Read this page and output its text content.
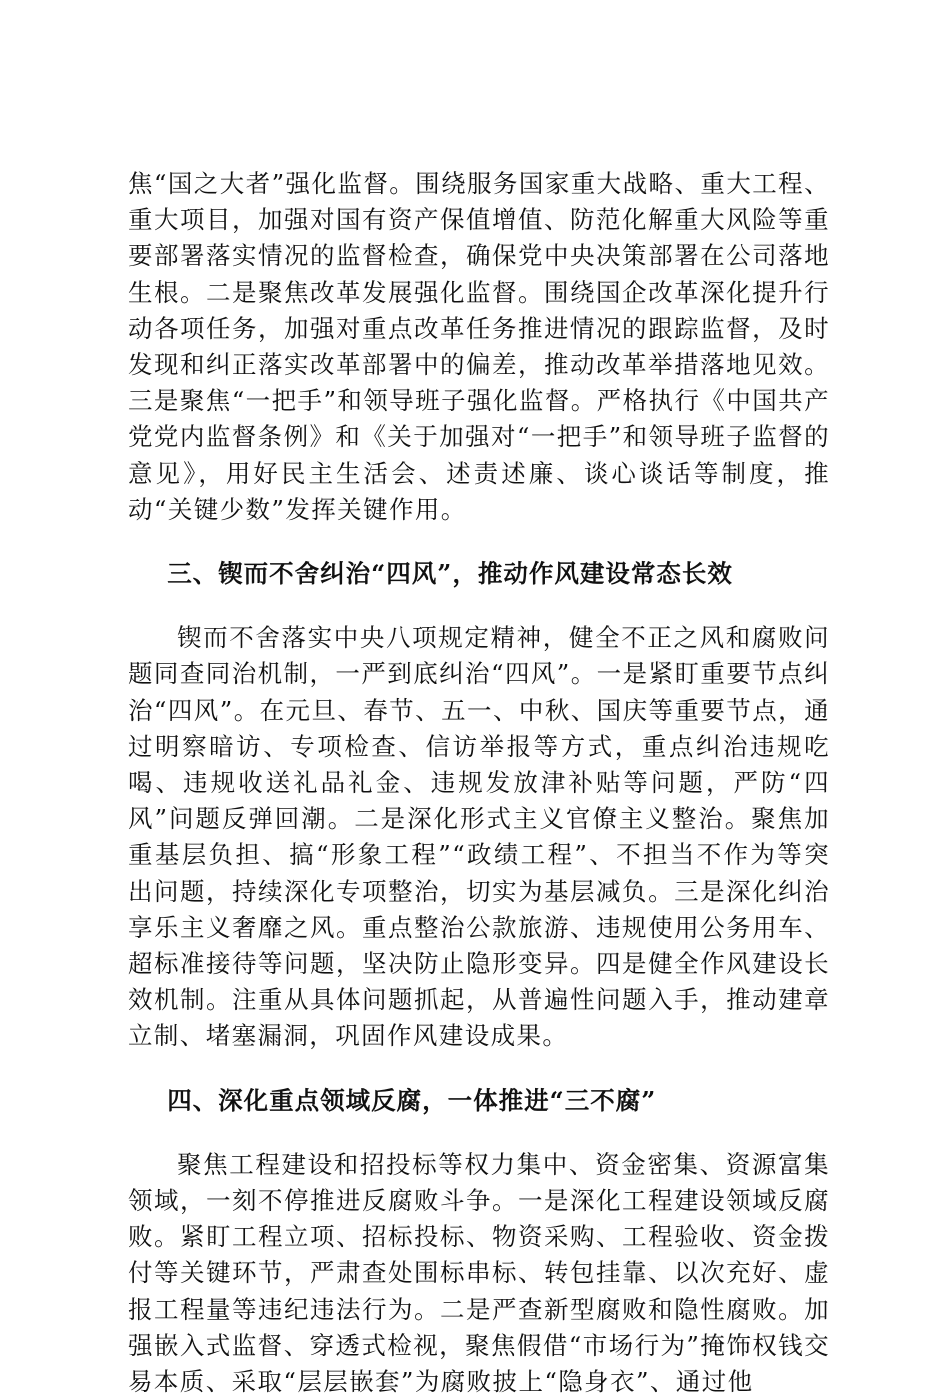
焦“国之大者”强化监督。围绕服务国家重大战略、重大工程、重大项目，加强对国有资产保值增值、防范化解重大风险等重要部署落实情况的监督检查，确保党中央决策部署在公司落地生根。二是聚焦改革发展强化监督。围绕国企改革深化提升行动各项任务，加强对重点改革任务推进情况的跟踪监督，及时发现和纠正落实改革部署中的偏差，推动改革举措落地见效。三是聚焦“一把手”和领导班子强化监督。严格执行《中国共产党党内监督条例》和《关于加强对“一把手”和领导班子监督的意见》，用好民主生活会、述责述廉、谈心谈话等制度，推动“关键少数”发挥关键作用。

三、锲而不舍纠治“四风”，推动作风建设常态长效

锲而不舍落实中央八项规定精神，健全不正之风和腐败问题同查同治机制，一严到底纠治“四风”。一是紧盯重要节点纠治“四风”。在元旦、春节、五一、中秋、国庆等重要节点，通过明察暗访、专项检查、信访举报等方式，重点纠治违规吃喝、违规收送礼品礼金、违规发放津补贴等问题，严防“四风”问题反弹回潮。二是深化形式主义官僚主义整治。聚焦加重基层负担、搞“形象工程”“政绩工程”、不担当不作为等突出问题，持续深化专项整治，切实为基层减负。三是深化纠治享乐主义奢靡之风。重点整治公款旅游、违规使用公务用车、超标准接待等问题，坚决防止隐形变异。四是健全作风建设长效机制。注重从具体问题抓起，从普遍性问题入手，推动建章立制、堵塞漏洞，巩固作风建设成果。

四、深化重点领域反腐，一体推进“三不腐”

聚焦工程建设和招投标等权力集中、资金密集、资源富集领域，一刻不停推进反腐败斗争。一是深化工程建设领域反腐败。紧盯工程立项、招标投标、物资采购、工程验收、资金拨付等关键环节，严肃查处围标串标、转包挂靠、以次充好、虚报工程量等违纪违法行为。二是严查新型腐败和隐性腐败。加强嵌入式监督、穿透式检视，聚焦假借“市场行为”掩饰权钱交易本质、采取“层层嵌套”为腐败披上“隐身衣”、通过他
